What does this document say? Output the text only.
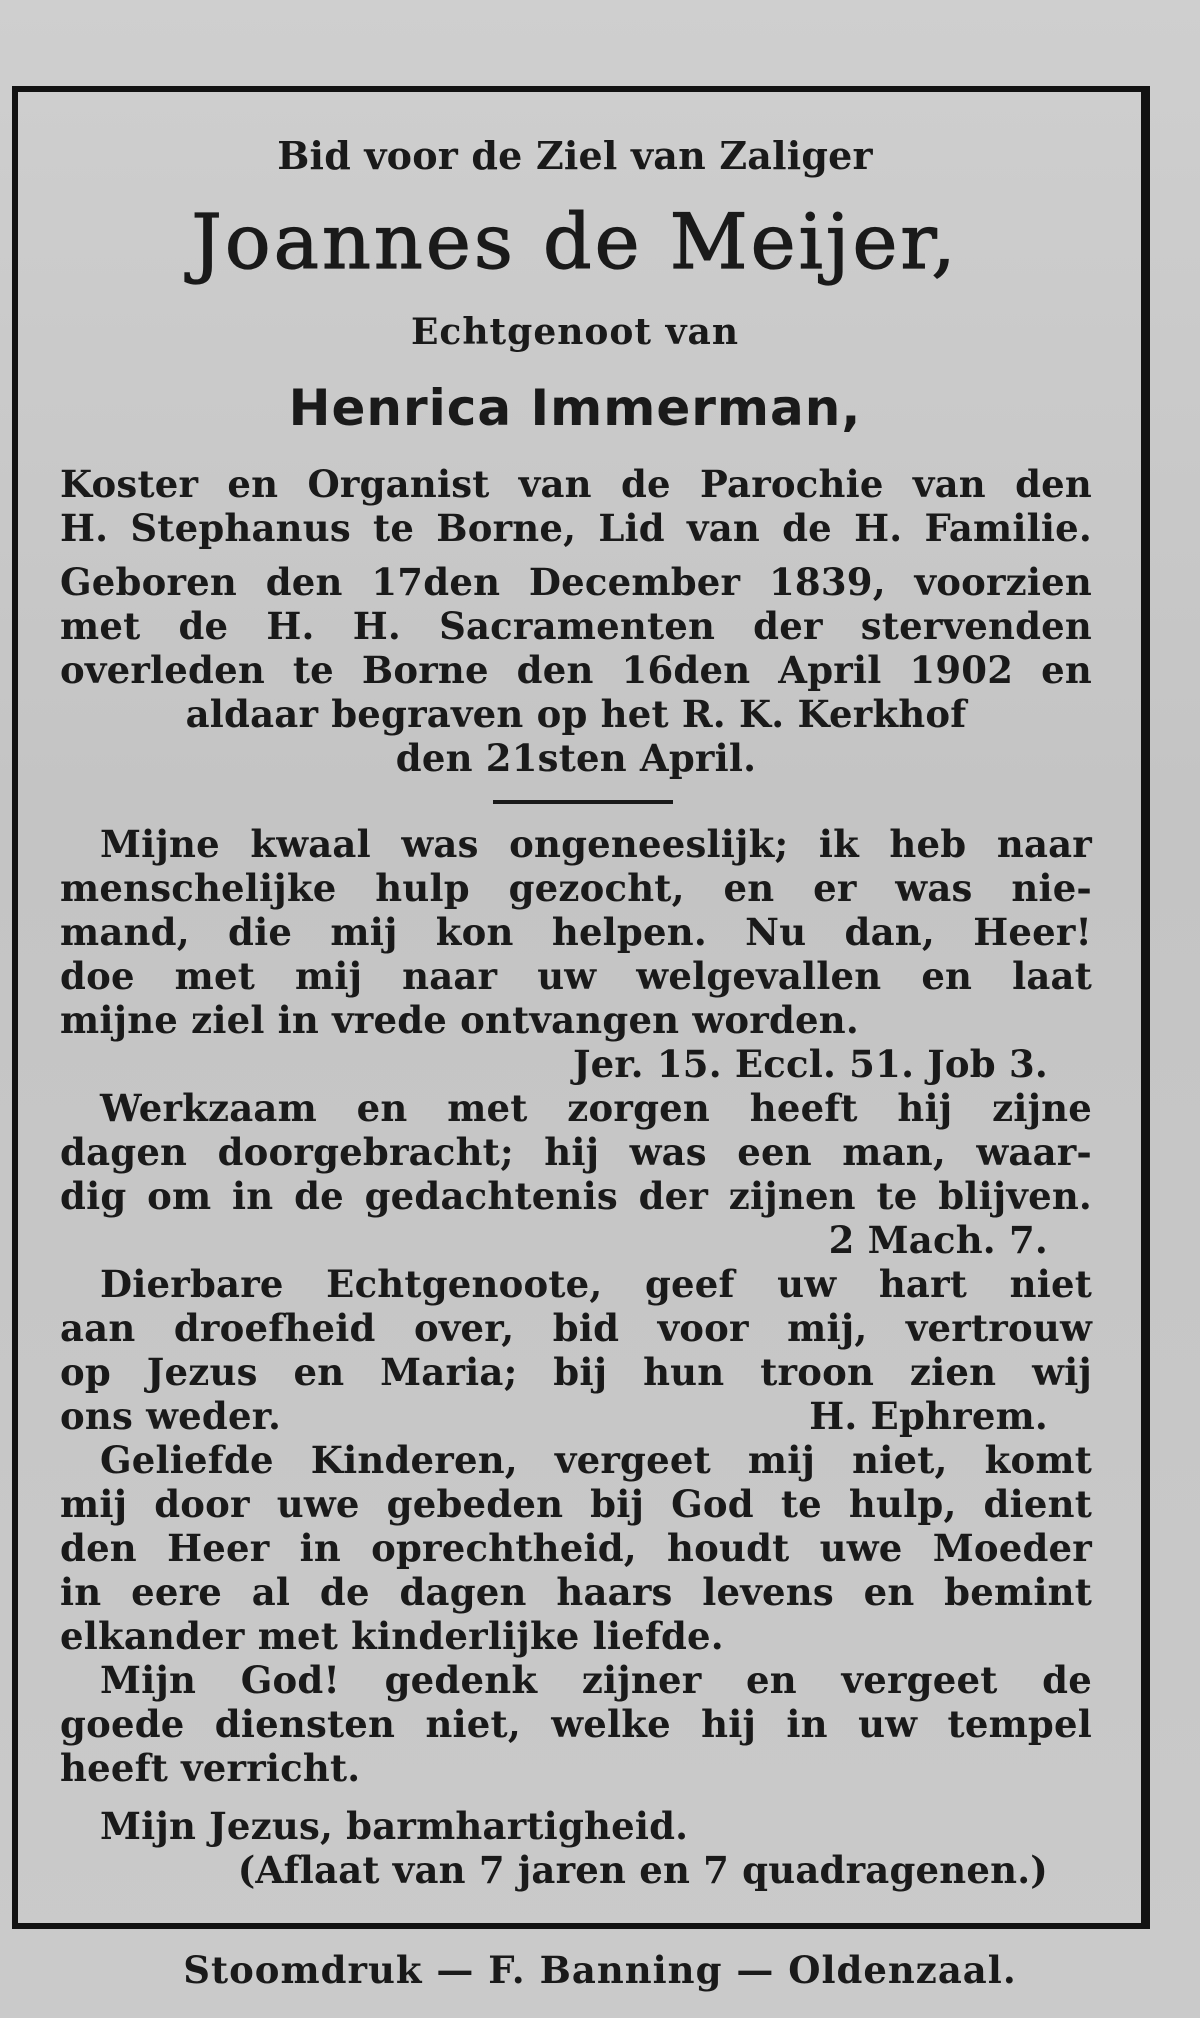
Bid voor de Ziel van Zaliger
Joannes de Meijer,
Echtgenoot van
Henrica Immerman,
Koster en Organist van de Parochie van den
H. Stephanus te Borne, Lid van de H. Familie.
Geboren den 17den December 1839, voorzien
met de H. H. Sacramenten der stervenden
overleden te Borne den 16den April 1902 en
aldaar begraven op het R. K. Kerkhof
den 21sten April.
Mijne kwaal was ongeneeslijk; ik heb naar
menschelijke hulp gezocht, en er was nie-
mand, die mij kon helpen. Nu dan, Heer!
doe met mij naar uw welgevallen en laat
mijne ziel in vrede ontvangen worden.
Jer. 15. Eccl. 51. Job 3.
Werkzaam en met zorgen heeft hij zijne
dagen doorgebracht; hij was een man, waar-
dig om in de gedachtenis der zijnen te blijven.
2 Mach. 7.
Dierbare Echtgenoote, geef uw hart niet
aan droefheid over, bid voor mij, vertrouw
op Jezus en Maria; bij hun troon zien wij
ons weder.	H. Ephrem.
Geliefde Kinderen, vergeet mij niet, komt
mij door uwe gebeden bij God te hulp, dient
den Heer in oprechtheid, houdt uwe Moeder
in eere al de dagen haars levens en bemint
elkander met kinderlijke liefde.
Mijn God! gedenk zijner en vergeet de
goede diensten niet, welke hij in uw tempel
heeft verricht.
Mijn Jezus, barmhartigheid.
(Aflaat van 7 jaren en 7 quadragenen.)
Stoomdruk — F. Banning — Oldenzaal.
